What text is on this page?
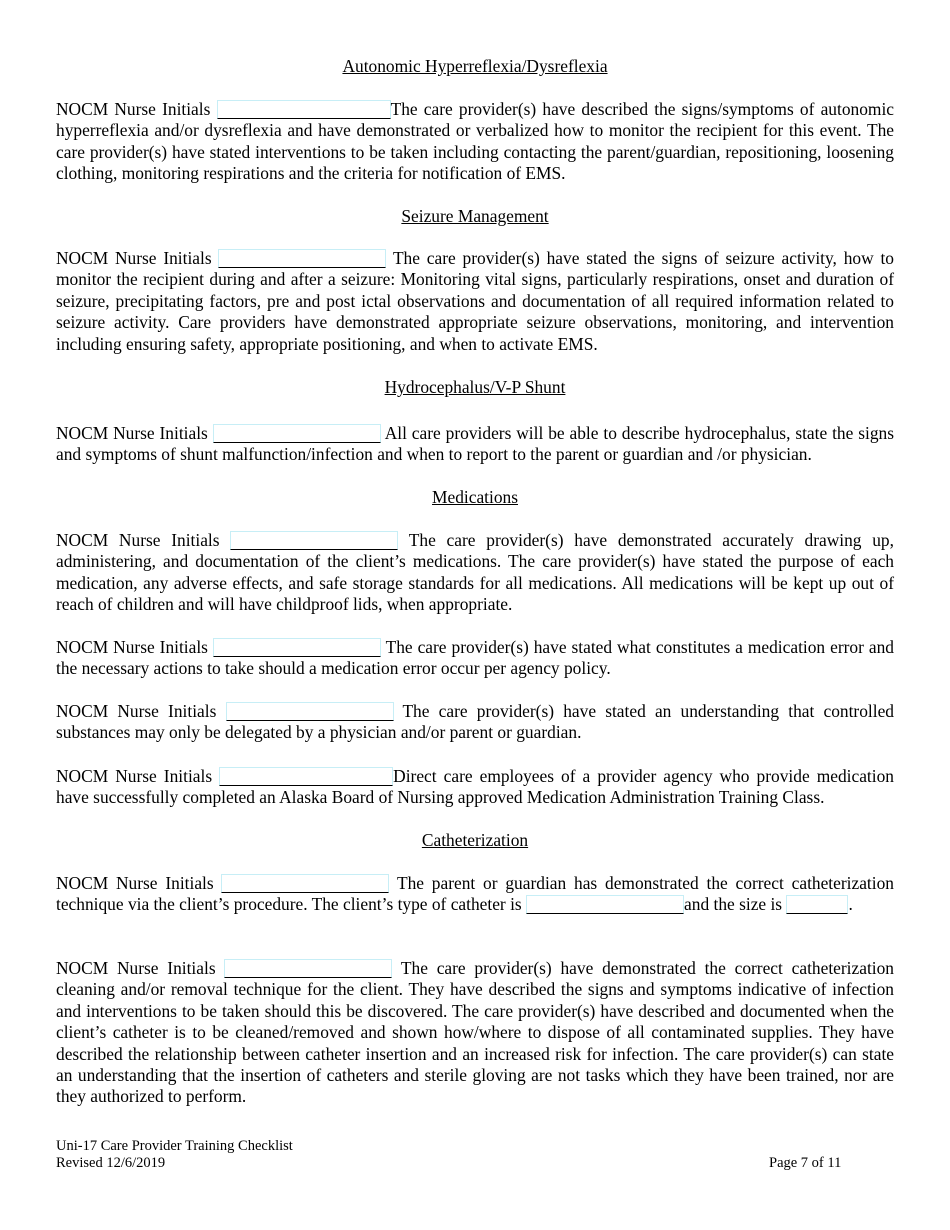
Autonomic Hyperreflexia/Dysreflexia

NOCM Nurse Initials	The care provider(s) have described the signs/symptoms of autonomic hyperreflexia and/or dysreflexia and have demonstrated or verbalized how to monitor the recipient for this event. The care provider(s) have stated interventions to be taken including contacting the parent/guardian, repositioning, loosening clothing, monitoring respirations and the criteria for notification of EMS.

Seizure Management

NOCM Nurse Initials	The care provider(s) have stated the signs of seizure activity, how to monitor the recipient during and after a seizure: Monitoring vital signs, particularly respirations, onset and duration of seizure, precipitating factors, pre and post ictal observations and documentation of all required information related to seizure activity. Care providers have demonstrated appropriate seizure observations, monitoring, and intervention including ensuring safety, appropriate positioning, and when to activate EMS.

Hydrocephalus/V-P Shunt

NOCM Nurse Initials	All care providers will be able to describe hydrocephalus, state the signs and symptoms of shunt malfunction/infection and when to report to the parent or guardian and /or physician.

Medications

NOCM Nurse Initials	The care provider(s) have demonstrated accurately drawing up, administering, and documentation of the client’s medications. The care provider(s) have stated the purpose of each medication, any adverse effects, and safe storage standards for all medications. All medications will be kept up out of reach of children and will have childproof lids, when appropriate.

NOCM Nurse Initials	The care provider(s) have stated what constitutes a medication error and the necessary actions to take should a medication error occur per agency policy.

NOCM Nurse Initials	The care provider(s) have stated an understanding that controlled substances may only be delegated by a physician and/or parent or guardian.

NOCM Nurse Initials	Direct care employees of a provider agency who provide medication have successfully completed an Alaska Board of Nursing approved Medication Administration Training Class.

Catheterization

NOCM Nurse Initials	The parent or guardian has demonstrated the correct catheterization technique via the client’s procedure. The client’s type of catheter is	and the size is	.

NOCM Nurse Initials	The care provider(s) have demonstrated the correct catheterization cleaning and/or removal technique for the client. They have described the signs and symptoms indicative of infection and interventions to be taken should this be discovered. The care provider(s) have described and documented when the client’s catheter is to be cleaned/removed and shown how/where to dispose of all contaminated supplies. They have described the relationship between catheter insertion and an increased risk for infection. The care provider(s) can state an understanding that the insertion of catheters and sterile gloving are not tasks which they have been trained, nor are they authorized to perform.

Uni-17 Care Provider Training Checklist
Revised 12/6/2019	Page 7 of 11
